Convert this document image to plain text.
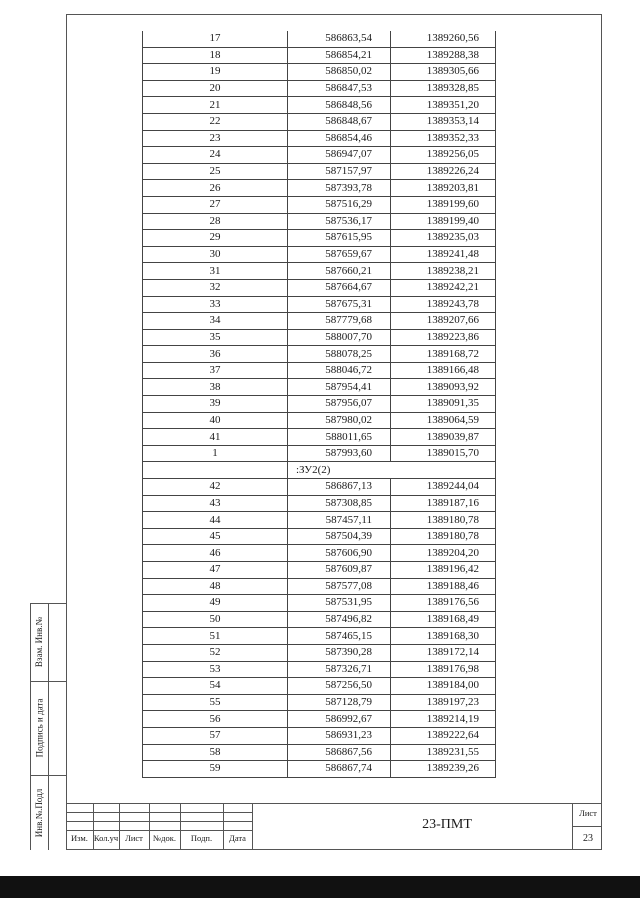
Взам. Инв.№
Подпись и дата
Инв.№.Подл
17	586863,54	1389260,56
18	586854,21	1389288,38
19	586850,02	1389305,66
20	586847,53	1389328,85
21	586848,56	1389351,20
22	586848,67	1389353,14
23	586854,46	1389352,33
24	586947,07	1389256,05
25	587157,97	1389226,24
26	587393,78	1389203,81
27	587516,29	1389199,60
28	587536,17	1389199,40
29	587615,95	1389235,03
30	587659,67	1389241,48
31	587660,21	1389238,21
32	587664,67	1389242,21
33	587675,31	1389243,78
34	587779,68	1389207,66
35	588007,70	1389223,86
36	588078,25	1389168,72
37	588046,72	1389166,48
38	587954,41	1389093,92
39	587956,07	1389091,35
40	587980,02	1389064,59
41	588011,65	1389039,87
1	587993,60	1389015,70
	:ЗУ2(2)	
42	586867,13	1389244,04
43	587308,85	1389187,16
44	587457,11	1389180,78
45	587504,39	1389180,78
46	587606,90	1389204,20
47	587609,87	1389196,42
48	587577,08	1389188,46
49	587531,95	1389176,56
50	587496,82	1389168,49
51	587465,15	1389168,30
52	587390,28	1389172,14
53	587326,71	1389176,98
54	587256,50	1389184,00
55	587128,79	1389197,23
56	586992,67	1389214,19
57	586931,23	1389222,64
58	586867,56	1389231,55
59	586867,74	1389239,26
Изм. Кол.уч Лист	№док.	Подп.	Дата
23-ПМТ
Лист
23
